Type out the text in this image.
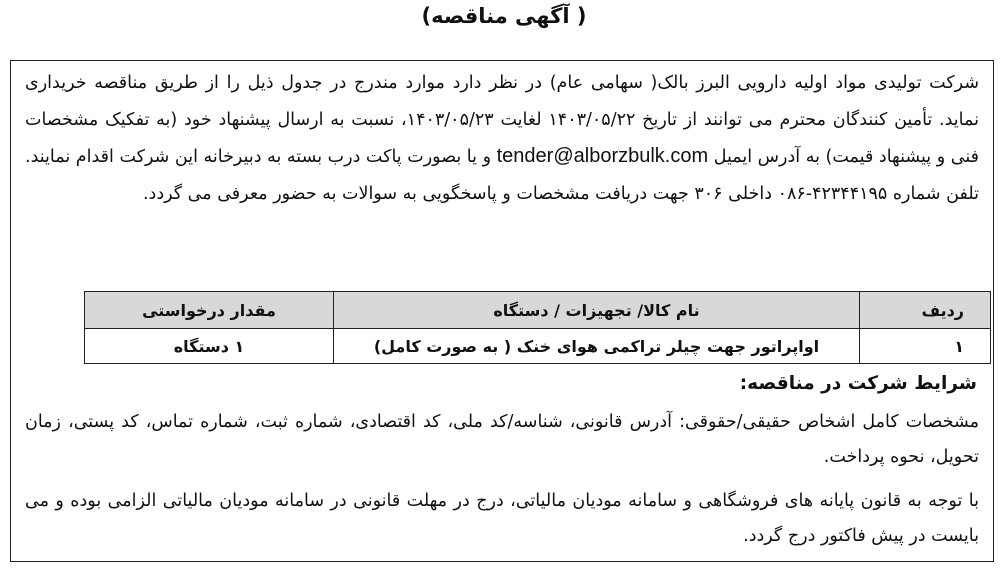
( آگهی مناقصه)

شرکت تولیدی مواد اولیه دارویی البرز بالک( سهامی عام) در نظر دارد موارد مندرج در جدول ذیل را از طریق مناقصه خریداری نماید. تأمین کنندگان محترم می توانند از تاریخ ۱۴۰۳/۰۵/۲۲ لغایت ۱۴۰۳/۰۵/۲۳، نسبت به ارسال پیشنهاد خود (به تفکیک مشخصات فنی و پیشنهاد قیمت) به آدرس ایمیل tender@alborzbulk.com و یا بصورت پاکت درب بسته به دبیرخانه این شرکت اقدام نمایند. تلفن شماره ۴۲۳۴۴۱۹۵-۰۸۶ داخلی ۳۰۶ جهت دریافت مشخصات و پاسخگویی به سوالات به حضور معرفی می گردد.

ردیف	نام کالا/ تجهیزات / دستگاه	مقدار درخواستی
۱	اواپراتور جهت چیلر تراکمی هوای خنک ( به صورت کامل)	۱ دستگاه

شرایط شرکت در مناقصه:

مشخصات کامل اشخاص حقیقی/حقوقی: آدرس قانونی، شناسه/کد ملی، کد اقتصادی، شماره ثبت، شماره تماس، کد پستی، زمان تحویل، نحوه پرداخت.

با توجه به قانون پایانه های فروشگاهی و سامانه مودیان مالیاتی، درج در مهلت قانونی در سامانه مودیان مالیاتی الزامی بوده و می بایست در پیش فاکتور درج گردد.
